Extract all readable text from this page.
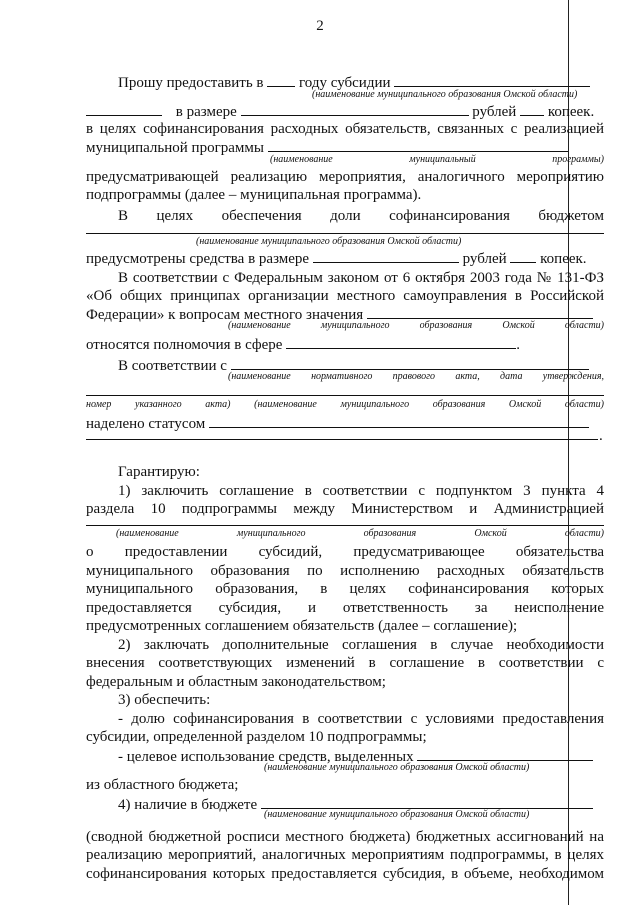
2
Прошу предоставить в году субсидии
(наименование муниципального образования Омской области)
в размере	рублей копеек.
в целях софинансирования расходных обязательств, связанных с реализацией
муниципальной программы
(наименование муниципальный программы)
предусматривающей реализацию мероприятия, аналогичного мероприятию
подпрограммы (далее – муниципальная программа).
В целях обеспечения доли софинансирования бюджетом
(наименование муниципального образования Омской области)
предусмотрены средства в размере	рублей копеек.
В соответствии с Федеральным законом от 6 октября 2003 года № 131-ФЗ
«Об общих принципах организации местного самоуправления в Российской
Федерации» к вопросам местного значения
(наименование муниципального образования Омской области)
относятся полномочия в сфере	.
В соответствии с
(наименование нормативного правового акта, дата утверждения,
номер указанного акта) (наименование муниципального образования Омской области)
наделено статусом
.
Гарантирую:
1) заключить соглашение в соответствии с подпунктом 3 пункта 4
раздела 10 подпрограммы между Министерством и Администрацией
(наименование муниципального образования Омской области)
о предоставлении субсидий, предусматривающее обязательства
муниципального образования по исполнению расходных обязательств
муниципального образования, в целях софинансирования которых
предоставляется субсидия, и ответственность за неисполнение
предусмотренных соглашением обязательств (далее – соглашение);
2) заключать дополнительные соглашения в случае необходимости
внесения соответствующих изменений в соглашение в соответствии с
федеральным и областным законодательством;
3) обеспечить:
- долю софинансирования в соответствии с условиями предоставления
субсидии, определенной разделом 10 подпрограммы;
- целевое использование средств, выделенных
(наименование муниципального образования Омской области)
из областного бюджета;
4) наличие в бюджете
(наименование муниципального образования Омской области)
(сводной бюджетной росписи местного бюджета) бюджетных ассигнований на
реализацию мероприятий, аналогичных мероприятиям подпрограммы, в целях
софинансирования которых предоставляется субсидия, в объеме, необходимом
